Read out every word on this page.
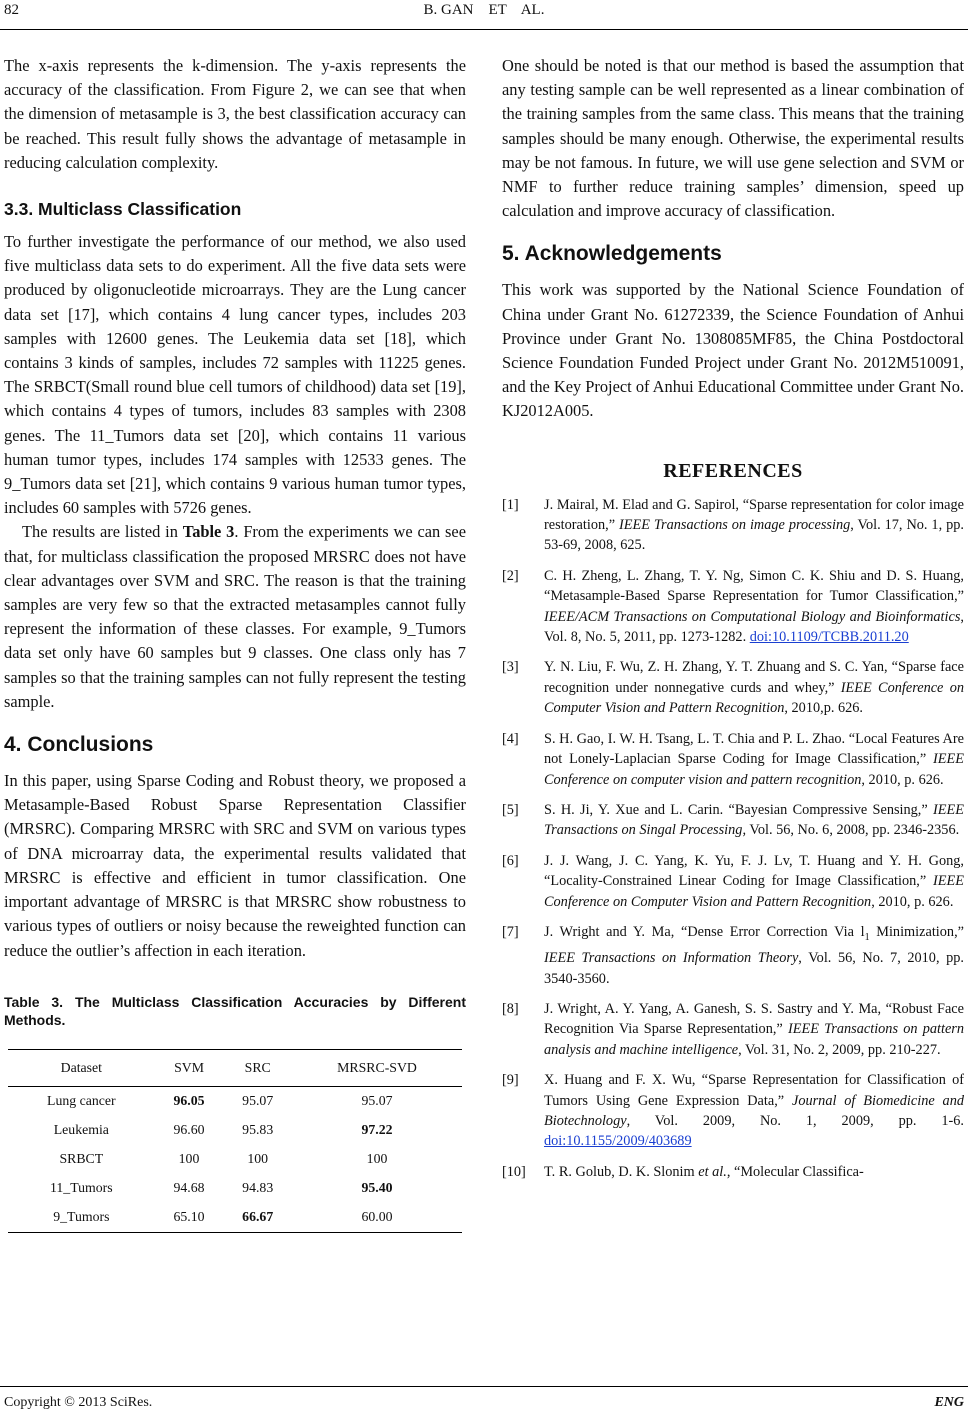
82	B. GAN    ET    AL.

The x-axis represents the k-dimension. The y-axis represents the accuracy of the classification. From Figure 2, we can see that when the dimension of metasample is 3, the best classification accuracy can be reached. This result fully shows the advantage of metasample in reducing calculation complexity.

3.3. Multiclass Classification

To further investigate the performance of our method, we also used five multiclass data sets to do experiment. All the five data sets were produced by oligonucleotide microarrays. They are the Lung cancer data set [17], which contains 4 lung cancer types, includes 203 samples with 12600 genes. The Leukemia data set [18], which contains 3 kinds of samples, includes 72 samples with 11225 genes. The SRBCT(Small round blue cell tumors of childhood) data set [19], which contains 4 types of tumors, includes 83 samples with 2308 genes. The 11_Tumors data set [20], which contains 11 various human tumor types, includes 174 samples with 12533 genes. The 9_Tumors data set [21], which contains 9 various human tumor types, includes 60 samples with 5726 genes.

The results are listed in Table 3. From the experiments we can see that, for multiclass classification the proposed MRSRC does not have clear advantages over SVM and SRC. The reason is that the training samples are very few so that the extracted metasamples cannot fully represent the information of these classes. For example, 9_Tumors data set only have 60 samples but 9 classes. One class only has 7 samples so that the training samples can not fully represent the testing sample.

4. Conclusions

In this paper, using Sparse Coding and Robust theory, we proposed a Metasample-Based Robust Sparse Representation Classifier (MRSRC). Comparing MRSRC with SRC and SVM on various types of DNA microarray data, the experimental results validated that MRSRC is effective and efficient in tumor classification. One important advantage of MRSRC is that MRSRC show robustness to various types of outliers or noisy because the reweighted function can reduce the outlier’s affection in each iteration.

Table 3. The Multiclass Classification Accuracies by Different Methods.
Dataset	SVM	SRC	MRSRC-SVD
Lung cancer	96.05	95.07	95.07
Leukemia	96.60	95.83	97.22
SRBCT	100	100	100
11_Tumors	94.68	94.83	95.40
9_Tumors	65.10	66.67	60.00

One should be noted is that our method is based the assumption that any testing sample can be well represented as a linear combination of the training samples from the same class. This means that the training samples should be many enough. Otherwise, the experimental results may be not famous. In future, we will use gene selection and SVM or NMF to further reduce training samples’ dimension, speed up calculation and improve accuracy of classification.

5. Acknowledgements

This work was supported by the National Science Foundation of China under Grant No. 61272339, the Science Foundation of Anhui Province under Grant No. 1308085MF85, the China Postdoctoral Science Foundation Funded Project under Grant No. 2012M510091, and the Key Project of Anhui Educational Committee under Grant No. KJ2012A005.

REFERENCES
[1]	J. Mairal, M. Elad and G. Sapirol, “Sparse representation for color image restoration,” IEEE Transactions on image processing, Vol. 17, No. 1, pp. 53-69, 2008, 625.
[2]	C. H. Zheng, L. Zhang, T. Y. Ng, Simon C. K. Shiu and D. S. Huang, “Metasample-Based Sparse Representation for Tumor Classification,” IEEE/ACM Transactions on Computational Biology and Bioinformatics, Vol. 8, No. 5, 2011, pp. 1273-1282. doi:10.1109/TCBB.2011.20
[3]	Y. N. Liu, F. Wu, Z. H. Zhang, Y. T. Zhuang and S. C. Yan, “Sparse face recognition under nonnegative curds and whey,” IEEE Conference on Computer Vision and Pattern Recognition, 2010,p. 626.
[4]	S. H. Gao, I. W. H. Tsang, L. T. Chia and P. L. Zhao. “Local Features Are not Lonely-Laplacian Sparse Coding for Image Classification,” IEEE Conference on computer vision and pattern recognition, 2010, p. 626.
[5]	S. H. Ji, Y. Xue and L. Carin. “Bayesian Compressive Sensing,” IEEE Transactions on Singal Processing, Vol. 56, No. 6, 2008, pp. 2346-2356.
[6]	J. J. Wang, J. C. Yang, K. Yu, F. J. Lv, T. Huang and Y. H. Gong, “Locality-Constrained Linear Coding for Image Classification,” IEEE Conference on Computer Vision and Pattern Recognition, 2010, p. 626.
[7]	J. Wright and Y. Ma, “Dense Error Correction Via $l_1$ Minimization,” IEEE Transactions on Information Theory, Vol. 56, No. 7, 2010, pp. 3540-3560.
[8]	J. Wright, A. Y. Yang, A. Ganesh, S. S. Sastry and Y. Ma, “Robust Face Recognition Via Sparse Representation,” IEEE Transactions on pattern analysis and machine intelligence, Vol. 31, No. 2, 2009, pp. 210-227.
[9]	X. Huang and F. X. Wu, “Sparse Representation for Classification of Tumors Using Gene Expression Data,” Journal of Biomedicine and Biotechnology, Vol. 2009, No. 1, 2009, pp. 1-6. doi:10.1155/2009/403689
[10]	T. R. Golub, D. K. Slonim et al., “Molecular Classifica-
Copyright © 2013 SciRes.	ENG
